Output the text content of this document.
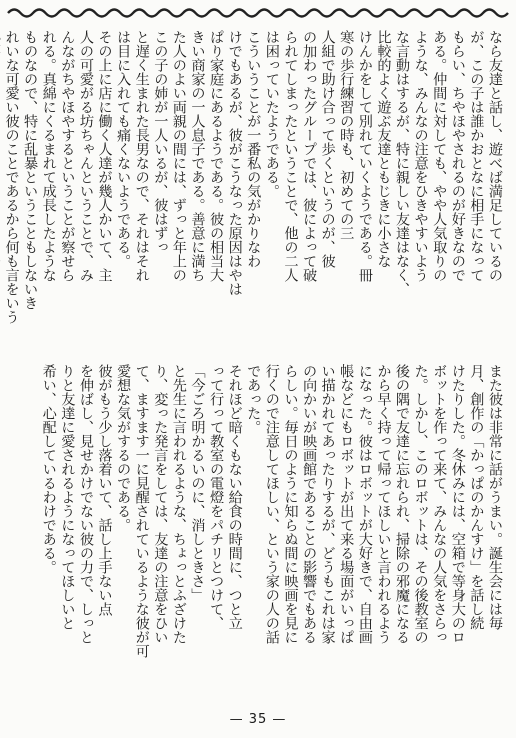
なら友達と話し、遊べば満足しているの
が、この子は誰かおとなに相手になって
もらい、ちやほやされるのが好きなので
ある。仲間に対しても、やや人気取りの
ような、みんなの注意をひきやすいよう
な言動はするが、特に親しい友達はなく、
比較的よく遊ぶ友達ともじきに小さな
けんかをして別れていくようである。冊
寒の歩行練習の時も、初めての三
人組で助け合って歩くというのが、彼
の加わったグループでは、彼によって破
られてしまったということで、他の二人
は困っていたようである。
こういうことが一番私の気がかりなわ
けでもあるが、彼がこうなった原因はやは
ぱり家庭にあるようである。彼の相当大
きい商家の一人息子である。善意に満ち
た人のよい両親の間には、ずっと年上の
この子の姉が一人いるが、彼はずっ
と遅く生まれた長男なので、それはそれ
は目に入れても痛くないようである。
その上に店に働く人達が幾人かいて、主
人の可愛がる坊ちゃんということで、み
んながちやほやするということが察せら
れる。真綿にくるまれて成長したような
ものなので、特に乱暴ということもしないき
れいな可愛い彼のことであるから何も言をいう
また彼は非常に話がうまい。誕生会には毎
月、創作の「かっぱのかんすけ」を話し続
けたりした。冬休みには、空箱で等身大のロ
ボットを作って来て、みんなの人気をさらっ
た。しかし、このロボットは、その後教室の
後の隅で友達に忘れられ、掃除の邪魔になる
から早く持って帰ってほしいと言われるよう
になった。彼はロボットが大好きで、自由画
帳などにもロボットが出て来る場面がいっぱ
い描かれてあったりするが、どうもこれは家
の向かいが映画館であることの影響でもある
らしい。毎日のように知らぬ間に映画を見に
行くので注意してほしい、という家の人の話
であった。
それほど暗くもない給食の時間に、つと立
って行って教室の電燈をパチリとつけて、
「今ごろ明かるいのに、消しときさ」
と先生に言われるような、ちょっとふざけた
り、変った発言をしては、友達の注意をひい
て、ますます一に見醒されているような彼が可
愛想な気がするのである。
彼がもう少し落着いて、話し上手ない点
を伸ばし、見せかけでない彼の力で、しっと
りと友達に愛されるようになってほしいと
希い、心配しているわけである。
— 35 —
